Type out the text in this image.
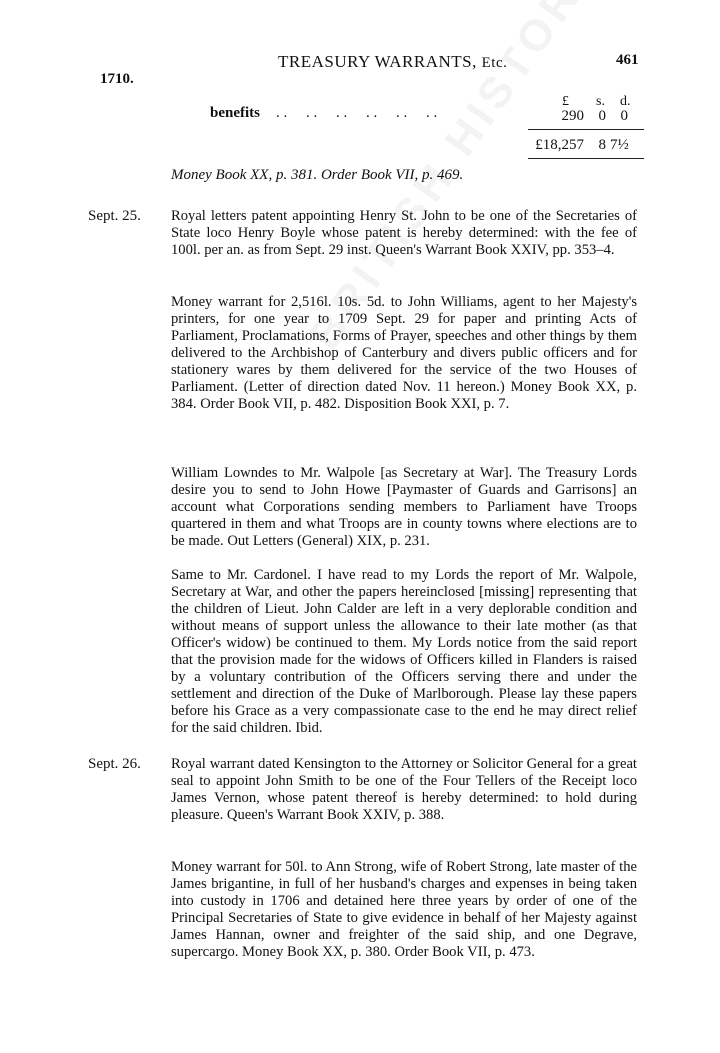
1710.
TREASURY WARRANTS, Etc.	461
£ s. d.
benefits . .     . .     . .     . .     . .     . .	290 0 0
£18,257 8 7½
Money Book XX, p. 381. Order Book VII, p. 469.
Sept. 25. Royal letters patent appointing Henry St. John to be one of the Secretaries of State loco Henry Boyle whose patent is hereby determined: with the fee of 100l. per an. as from Sept. 29 inst. Queen's Warrant Book XXIV, pp. 353–4.
Money warrant for 2,516l. 10s. 5d. to John Williams, agent to her Majesty's printers, for one year to 1709 Sept. 29 for paper and printing Acts of Parliament, Proclamations, Forms of Prayer, speeches and other things by them delivered to the Archbishop of Canterbury and divers public officers and for stationery wares by them delivered for the service of the two Houses of Parliament. (Letter of direction dated Nov. 11 hereon.) Money Book XX, p. 384. Order Book VII, p. 482. Disposition Book XXI, p. 7.
William Lowndes to Mr. Walpole [as Secretary at War]. The Treasury Lords desire you to send to John Howe [Paymaster of Guards and Garrisons] an account what Corporations sending members to Parliament have Troops quartered in them and what Troops are in county towns where elections are to be made. Out Letters (General) XIX, p. 231.
Same to Mr. Cardonel. I have read to my Lords the report of Mr. Walpole, Secretary at War, and other the papers hereinclosed [missing] representing that the children of Lieut. John Calder are left in a very deplorable condition and without means of support unless the allowance to their late mother (as that Officer's widow) be continued to them. My Lords notice from the said report that the provision made for the widows of Officers killed in Flanders is raised by a voluntary contribution of the Officers serving there and under the settlement and direction of the Duke of Marlborough. Please lay these papers before his Grace as a very compassionate case to the end he may direct relief for the said children. Ibid.
Sept. 26. Royal warrant dated Kensington to the Attorney or Solicitor General for a great seal to appoint John Smith to be one of the Four Tellers of the Receipt loco James Vernon, whose patent thereof is hereby determined: to hold during pleasure. Queen's Warrant Book XXIV, p. 388.
Money warrant for 50l. to Ann Strong, wife of Robert Strong, late master of the James brigantine, in full of her husband's charges and expenses in being taken into custody in 1706 and detained here three years by order of one of the Principal Secretaries of State to give evidence in behalf of her Majesty against James Hannan, owner and freighter of the said ship, and one Degrave, supercargo. Money Book XX, p. 380. Order Book VII, p. 473.
